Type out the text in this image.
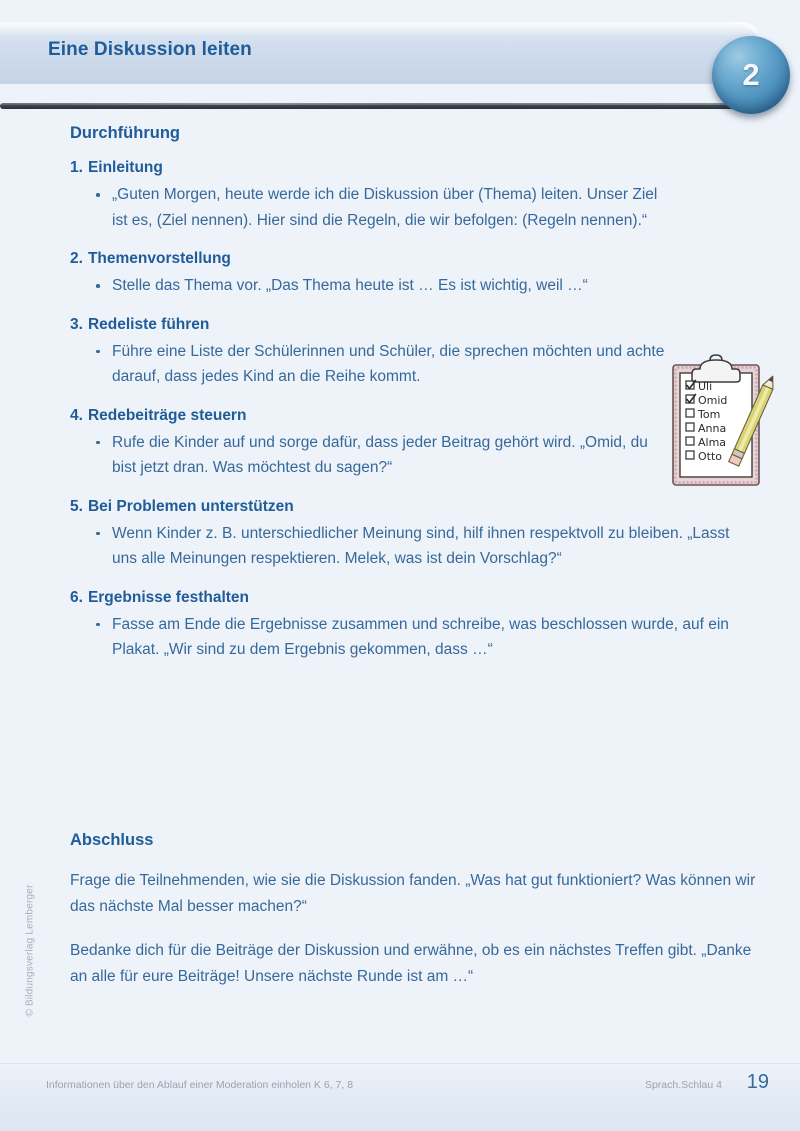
Eine Diskussion leiten
2
Durchführung
1. Einleitung
„Guten Morgen, heute werde ich die Diskussion über (Thema) leiten. Unser Ziel ist es, (Ziel nennen). Hier sind die Regeln, die wir befolgen: (Regeln nennen).“
2. Themenvorstellung
Stelle das Thema vor. „Das Thema heute ist … Es ist wichtig, weil …“
3. Redeliste führen
Führe eine Liste der Schülerinnen und Schüler, die sprechen möchten und achte darauf, dass jedes Kind an die Reihe kommt.
4. Redebeiträge steuern
Rufe die Kinder auf und sorge dafür, dass jeder Beitrag gehört wird. „Omid, du bist jetzt dran. Was möchtest du sagen?“
5. Bei Problemen unterstützen
Wenn Kinder z. B. unterschiedlicher Meinung sind, hilf ihnen respektvoll zu bleiben. „Lasst uns alle Meinungen respektieren. Melek, was ist dein Vorschlag?“
6. Ergebnisse festhalten
Fasse am Ende die Ergebnisse zusammen und schreibe, was beschlossen wurde, auf ein Plakat. „Wir sind zu dem Ergebnis gekommen, dass …“
Uli
Omid
Tom
Anna
Alma
Otto
Abschluss

Frage die Teilnehmenden, wie sie die Diskussion fanden. „Was hat gut funktioniert? Was können wir das nächste Mal besser machen?“

Bedanke dich für die Beiträge der Diskussion und erwähne, ob es ein nächstes Treffen gibt. „Danke an alle für eure Beiträge! Unsere nächste Runde ist am …“

© Bildungsverlag Lemberger
Informationen über den Ablauf einer Moderation einholen K 6, 7, 8	Sprach.Schlau 4 19
